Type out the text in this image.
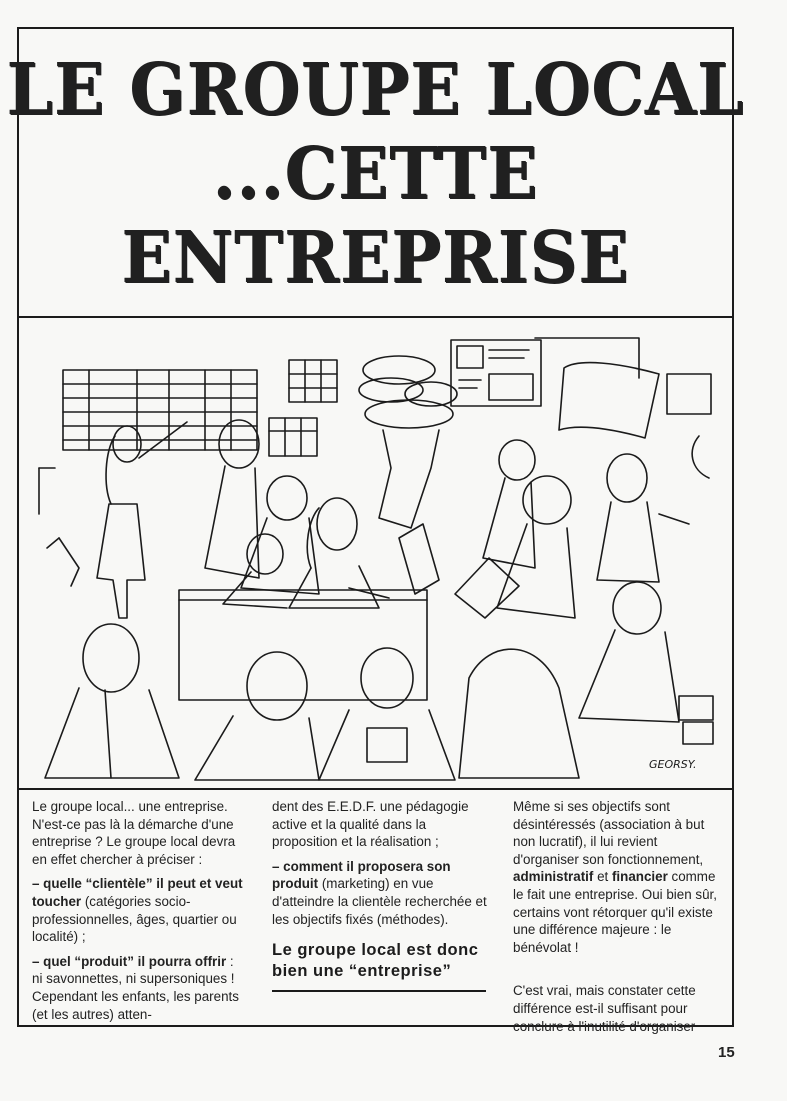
LE GROUPE LOCAL
...CETTE
ENTREPRISE
GEORSY.

Le groupe local... une entreprise. N'est-ce pas là la démarche d'une entreprise ? Le groupe local devra en effet chercher à préciser :

– quelle “clientèle” il peut et veut toucher (catégories socio-professionnelles, âges, quartier ou localité) ;

– quel “produit” il pourra offrir : ni savonnettes, ni supersoniques ! Cependant les enfants, les parents (et les autres) atten-

dent des E.E.D.F. une pédagogie active et la qualité dans la proposition et la réalisation ;

– comment il proposera son produit (marketing) en vue d'atteindre la clientèle recherchée et les objectifs fixés (méthodes).

Le groupe local est donc bien une “entreprise”

Même si ses objectifs sont désintéressés (association à but non lucratif), il lui revient d'organiser son fonctionnement, administratif et financier comme le fait une entreprise. Oui bien sûr, certains vont rétorquer qu'il existe une différence majeure : le bénévolat !

C'est vrai, mais constater cette différence est-il suffisant pour conclure à l'inutilité d'organiser

15
